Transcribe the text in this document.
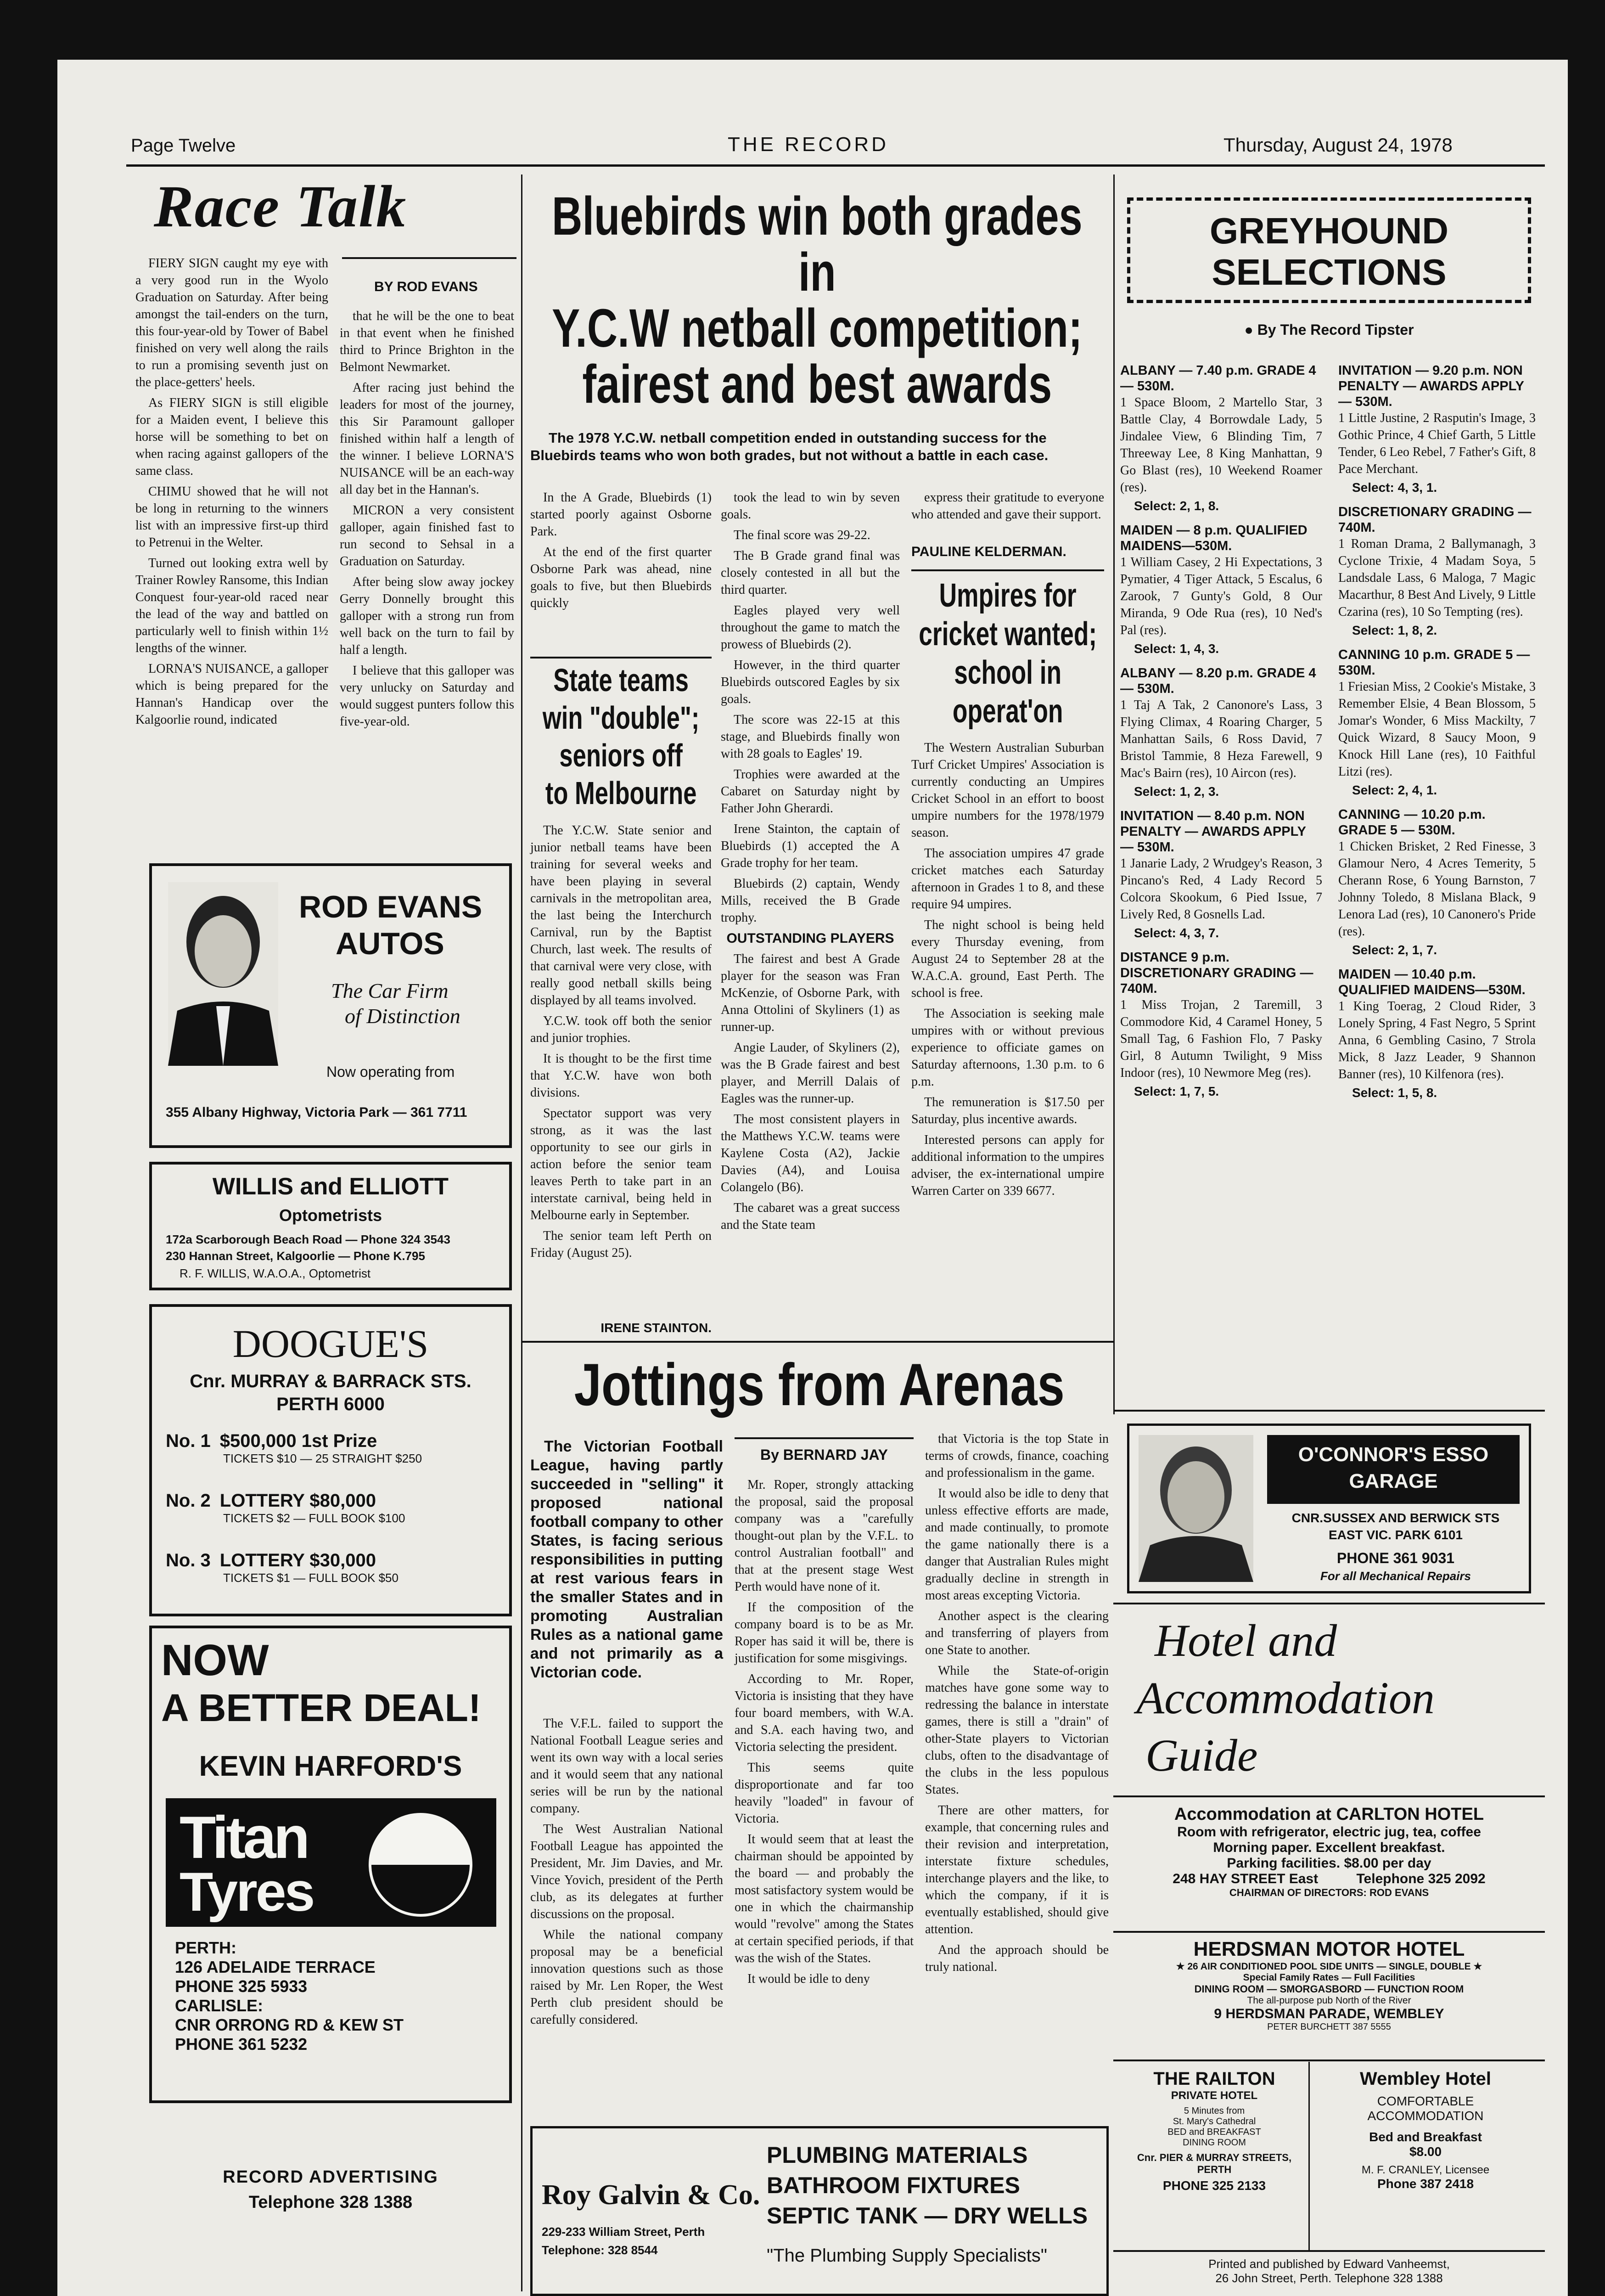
Page Twelve	THE RECORD	Thursday, August 24, 1978
Race Talk
BY ROD EVANS

FIERY SIGN caught my eye with a very good run in the Wyolo Graduation on Saturday. After being amongst the tail-enders on the turn, this four-year-old by Tower of Babel finished on very well along the rails to run a promising seventh just on the place-getters' heels.

As FIERY SIGN is still eligible for a Maiden event, I believe this horse will be something to bet on when racing against gallopers of the same class.

CHIMU showed that he will not be long in returning to the winners list with an impressive first-up third to Petrenui in the Welter.

Turned out looking extra well by Trainer Rowley Ransome, this Indian Conquest four-year-old raced near the lead of the way and battled on particularly well to finish within 1½ lengths of the winner.

LORNA'S NUISANCE, a galloper which is being prepared for the Hannan's Handicap over the Kalgoorlie round, indicated

that he will be the one to beat in that event when he finished third to Prince Brighton in the Belmont Newmarket.

After racing just behind the leaders for most of the journey, this Sir Paramount galloper finished within half a length of the winner. I believe LORNA'S NUISANCE will be an each-way all day bet in the Hannan's.

MICRON a very consistent galloper, again finished fast to run second to Sehsal in a Graduation on Saturday.

After being slow away jockey Gerry Donnelly brought this galloper with a strong run from well back on the turn to fail by half a length.

I believe that this galloper was very unlucky on Saturday and would suggest punters follow this five-year-old.

ROD EVANS
AUTOS
The Car Firm
of Distinction
Now operating from
355 Albany Highway, Victoria Park — 361 7711
WILLIS and ELLIOTT
Optometrists
172a Scarborough Beach Road — Phone 324 3543
230 Hannan Street, Kalgoorlie — Phone K.795
R. F. WILLIS, W.A.O.A., Optometrist
DOOGUE'S
Cnr. MURRAY & BARRACK STS.
PERTH 6000
No. 1 $500,000 1st Prize
TICKETS $10 — 25 STRAIGHT $250
No. 2 LOTTERY $80,000
TICKETS $2 — FULL BOOK $100
No. 3 LOTTERY $30,000
TICKETS $1 — FULL BOOK $50
NOW
A BETTER DEAL!
KEVIN HARFORD'S
Titan
Tyres
PERTH:
126 ADELAIDE TERRACE
PHONE 325 5933
CARLISLE:
CNR ORRONG RD & KEW ST
PHONE 361 5232
RECORD ADVERTISING
Telephone 328 1388
Bluebirds win both grades in
Y.C.W netball competition;
fairest and best awards
The 1978 Y.C.W. netball competition ended in outstanding success for the Bluebirds teams who won both grades, but not without a battle in each case.

In the A Grade, Bluebirds (1) started poorly against Osborne Park.

At the end of the first quarter Osborne Park was ahead, nine goals to five, but then Bluebirds quickly

State teams
win "double";
seniors off
to Melbourne

The Y.C.W. State senior and junior netball teams have been training for several weeks and have been playing in several carnivals in the metropolitan area, the last being the Interchurch Carnival, run by the Baptist Church, last week. The results of that carnival were very close, with really good netball skills being displayed by all teams involved.

Y.C.W. took off both the senior and junior trophies.

It is thought to be the first time that Y.C.W. have won both divisions.

Spectator support was very strong, as it was the last opportunity to see our girls in action before the senior team leaves Perth to take part in an interstate carnival, being held in Melbourne early in September.

The senior team left Perth on Friday (August 25).

IRENE STAINTON.

took the lead to win by seven goals.

The final score was 29-22.

The B Grade grand final was closely contested in all but the third quarter.

Eagles played very well throughout the game to match the prowess of Bluebirds (2).

However, in the third quarter Bluebirds outscored Eagles by six goals.

The score was 22-15 at this stage, and Bluebirds finally won with 28 goals to Eagles' 19.

Trophies were awarded at the Cabaret on Saturday night by Father John Gherardi.

Irene Stainton, the captain of Bluebirds (1) accepted the A Grade trophy for her team.

Bluebirds (2) captain, Wendy Mills, received the B Grade trophy.

OUTSTANDING PLAYERS

The fairest and best A Grade player for the season was Fran McKenzie, of Osborne Park, with Anna Ottolini of Skyliners (1) as runner-up.

Angie Lauder, of Skyliners (2), was the B Grade fairest and best player, and Merrill Dalais of Eagles was the runner-up.

The most consistent players in the Matthews Y.C.W. teams were Kaylene Costa (A2), Jackie Davies (A4), and Louisa Colangelo (B6).

The cabaret was a great success and the State team

express their gratitude to everyone who attended and gave their support.

PAULINE KELDERMAN.
Umpires for
cricket wanted;
school in
operat'on

The Western Australian Suburban Turf Cricket Umpires' Association is currently conducting an Umpires Cricket School in an effort to boost umpire numbers for the 1978/1979 season.

The association umpires 47 grade cricket matches each Saturday afternoon in Grades 1 to 8, and these require 94 umpires.

The night school is being held every Thursday evening, from August 24 to September 28 at the W.A.C.A. ground, East Perth. The school is free.

The Association is seeking male umpires with or without previous experience to officiate games on Saturday afternoons, 1.30 p.m. to 6 p.m.

The remuneration is $17.50 per Saturday, plus incentive awards.

Interested persons can apply for additional information to the umpires adviser, the ex-international umpire Warren Carter on 339 6677.

GREYHOUND
SELECTIONS
● By The Record Tipster
ALBANY — 7.40 p.m. GRADE 4 — 530M.
1 Space Bloom, 2 Martello Star, 3 Battle Clay, 4 Borrowdale Lady, 5 Jindalee View, 6 Blinding Tim, 7 Threeway Lee, 8 King Manhattan, 9 Go Blast (res), 10 Weekend Roamer (res).
Select: 2, 1, 8.
MAIDEN — 8 p.m. QUALIFIED MAIDENS—530M.
1 William Casey, 2 Hi Expectations, 3 Pymatier, 4 Tiger Attack, 5 Escalus, 6 Zarook, 7 Gunty's Gold, 8 Our Miranda, 9 Ode Rua (res), 10 Ned's Pal (res).
Select: 1, 4, 3.
ALBANY — 8.20 p.m. GRADE 4 — 530M.
1 Taj A Tak, 2 Canonore's Lass, 3 Flying Climax, 4 Roaring Charger, 5 Manhattan Sails, 6 Ross David, 7 Bristol Tammie, 8 Heza Farewell, 9 Mac's Bairn (res), 10 Aircon (res).
Select: 1, 2, 3.
INVITATION — 8.40 p.m. NON PENALTY — AWARDS APPLY — 530M.
1 Janarie Lady, 2 Wrudgey's Reason, 3 Pincano's Red, 4 Lady Record 5 Colcora Skookum, 6 Pied Issue, 7 Lively Red, 8 Gosnells Lad.
Select: 4, 3, 7.
DISTANCE 9 p.m. DISCRETIONARY GRADING — 740M.
1 Miss Trojan, 2 Taremill, 3 Commodore Kid, 4 Caramel Honey, 5 Small Tag, 6 Fashion Flo, 7 Pasky Girl, 8 Autumn Twilight, 9 Miss Indoor (res), 10 Newmore Meg (res).
Select: 1, 7, 5.
INVITATION — 9.20 p.m. NON PENALTY — AWARDS APPLY— 530M.
1 Little Justine, 2 Rasputin's Image, 3 Gothic Prince, 4 Chief Garth, 5 Little Tender, 6 Leo Rebel, 7 Father's Gift, 8 Pace Merchant.
Select: 4, 3, 1.
DISCRETIONARY GRADING — 740M.
1 Roman Drama, 2 Ballymanagh, 3 Cyclone Trixie, 4 Madam Soya, 5 Landsdale Lass, 6 Maloga, 7 Magic Macarthur, 8 Best And Lively, 9 Little Czarina (res), 10 So Tempting (res).
Select: 1, 8, 2.
CANNING 10 p.m. GRADE 5 — 530M.
1 Friesian Miss, 2 Cookie's Mistake, 3 Remember Elsie, 4 Bean Blossom, 5 Jomar's Wonder, 6 Miss Mackilty, 7 Quick Wizard, 8 Saucy Moon, 9 Knock Hill Lane (res), 10 Faithful Litzi (res).
Select: 2, 4, 1.
CANNING — 10.20 p.m. GRADE 5 — 530M.
1 Chicken Brisket, 2 Red Finesse, 3 Glamour Nero, 4 Acres Temerity, 5 Cherann Rose, 6 Young Barnston, 7 Johnny Toledo, 8 Mislana Black, 9 Lenora Lad (res), 10 Canonero's Pride (res).
Select: 2, 1, 7.
MAIDEN — 10.40 p.m. QUALIFIED MAIDENS—530M.
1 King Toerag, 2 Cloud Rider, 3 Lonely Spring, 4 Fast Negro, 5 Sprint Anna, 6 Gembling Casino, 7 Strola Mick, 8 Jazz Leader, 9 Shannon Banner (res), 10 Kilfenora (res).
Select: 1, 5, 8.
Jottings from Arenas
The Victorian Football League, having partly succeeded in "selling" it proposed national football company to other States, is facing serious responsibilities in putting at rest various fears in the smaller States and in promoting Australian Rules as a national game and not primarily as a Victorian code.

The V.F.L. failed to support the National Football League series and went its own way with a local series and it would seem that any national series will be run by the national company.

The West Australian National Football League has appointed the President, Mr. Jim Davies, and Mr. Vince Yovich, president of the Perth club, as its delegates at further discussions on the proposal.

While the national company proposal may be a beneficial innovation questions such as those raised by Mr. Len Roper, the West Perth club president should be carefully considered.

By BERNARD JAY

Mr. Roper, strongly attacking the proposal, said the proposal company was a "carefully thought-out plan by the V.F.L. to control Australian football" and that at the present stage West Perth would have none of it.

If the composition of the company board is to be as Mr. Roper has said it will be, there is justification for some misgivings.

According to Mr. Roper, Victoria is insisting that they have four board members, with W.A. and S.A. each having two, and Victoria selecting the president.

This seems quite disproportionate and far too heavily "loaded" in favour of Victoria.

It would seem that at least the chairman should be appointed by the board — and probably the most satisfactory system would be one in which the chairmanship would "revolve" among the States at certain specified periods, if that was the wish of the States.

It would be idle to deny

that Victoria is the top State in terms of crowds, finance, coaching and professionalism in the game.

It would also be idle to deny that unless effective efforts are made, and made continually, to promote the game nationally there is a danger that Australian Rules might gradually decline in strength in most areas excepting Victoria.

Another aspect is the clearing and transferring of players from one State to another.

While the State-of-origin matches have gone some way to redressing the balance in interstate games, there is still a "drain" of other-State players to Victorian clubs, often to the disadvantage of the clubs in the less populous States.

There are other matters, for example, that concerning rules and their revision and interpretation, interstate fixture schedules, interchange players and the like, to which the company, if it is eventually established, should give attention.

And the approach should be truly national.

Roy Galvin & Co.
229-233 William Street, Perth
Telephone: 328 8544
PLUMBING MATERIALS
BATHROOM FIXTURES
SEPTIC TANK — DRY WELLS
"The Plumbing Supply Specialists"
O'CONNOR'S ESSO
GARAGE
CNR.SUSSEX AND BERWICK STS
EAST VIC. PARK 6101
PHONE 361 9031
For all Mechanical Repairs
Hotel and
Accommodation
Guide
Accommodation at CARLTON HOTEL
Room with refrigerator, electric jug, tea, coffee
Morning paper. Excellent breakfast.
Parking facilities. $8.00 per day
248 HAY STREET East          Telephone 325 2092
CHAIRMAN OF DIRECTORS: ROD EVANS
HERDSMAN MOTOR HOTEL
★ 26 AIR CONDITIONED POOL SIDE UNITS — SINGLE, DOUBLE ★
Special Family Rates — Full Facilities
DINING ROOM — SMORGASBORD — FUNCTION ROOM
The all-purpose pub North of the River
9 HERDSMAN PARADE, WEMBLEY
PETER BURCHETT 387 5555
THE RAILTON
PRIVATE HOTEL
5 Minutes from
St. Mary's Cathedral
BED and BREAKFAST
DINING ROOM
Cnr. PIER & MURRAY STREETS,
PERTH
PHONE 325 2133
Wembley Hotel
COMFORTABLE
ACCOMMODATION
Bed and Breakfast
$8.00
M. F. CRANLEY, Licensee
Phone 387 2418
Printed and published by Edward Vanheemst,
26 John Street, Perth. Telephone 328 1388
